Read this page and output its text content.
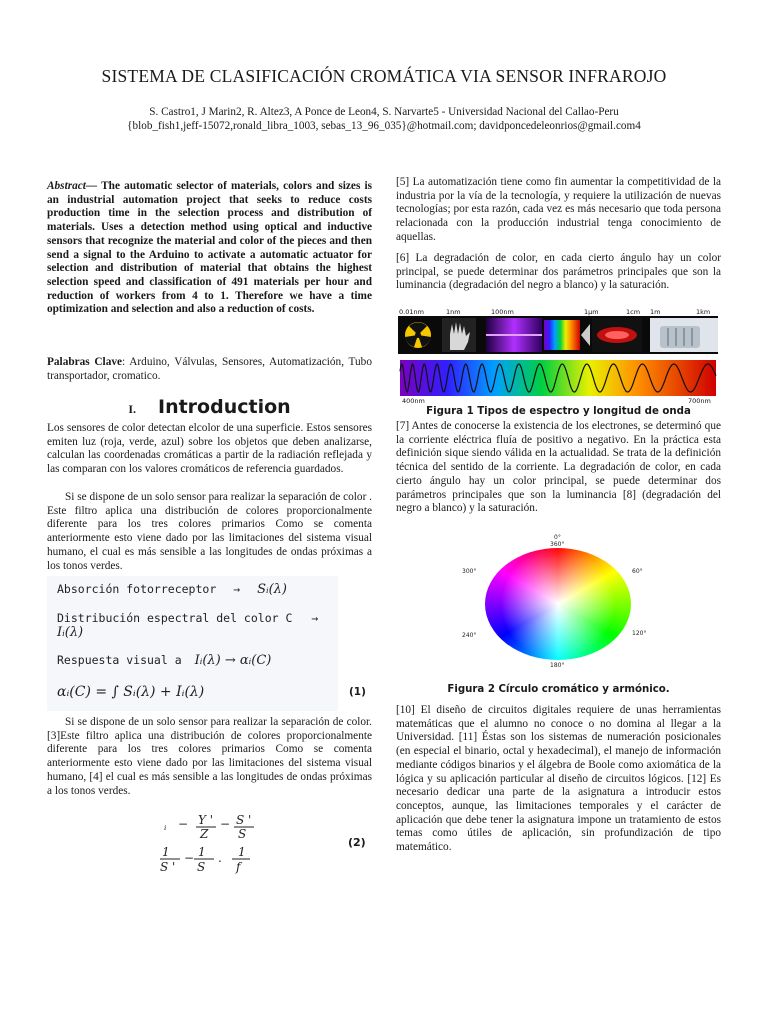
SISTEMA DE CLASIFICACIÓN CROMÁTICA VIA SENSOR INFRAROJO
S. Castro1, J Marin2, R. Altez3, A Ponce de Leon4, S. Narvarte5 - Universidad Nacional del Callao-Peru
{blob_fish1,jeff-15072,ronald_libra_1003, sebas_13_96_035}@hotmail.com; davidponcedeleonrios@gmail.com4

Abstract— The automatic selector of materials, colors and sizes is an industrial automation project that seeks to reduce costs production time in the selection process and distribution of materials. Uses a detection method using optical and inductive sensors that recognize the material and color of the pieces and then send a signal to the Arduino to activate a automatic actuator for selection and distribution of material that obtains the highest selection speed and classification of 491 materials per hour and reduction of workers from 4 to 1. Therefore we have a time optimization and selection and also a reduction of costs.

Palabras Clave: Arduino, Válvulas, Sensores, Automatización, Tubo transportador, cromatico.

I. Introduction

Los sensores de color detectan elcolor de una superficie. Estos sensores emiten luz (roja, verde, azul) sobre los objetos que deben analizarse, calculan las coordenadas cromáticas a partir de la radiación reflejada y las comparan con los valores cromáticos de referencia guardados.

Si se dispone de un solo sensor para realizar la separación de color . Este filtro aplica una distribución de colores proporcionalmente diferente para los tres colores primarios Como se comenta anteriormente esto viene dado por las limitaciones del sistema visual humano, el cual es más sensible a las longitudes de ondas próximas a los tonos verdes.

Absorción fotorreceptor → Sᵢ(λ)
Distribución espectral del color C →
Iᵢ(λ)
Respuesta visual a Iᵢ(λ) → αᵢ(C)
αᵢ(C) = ∫ Sᵢ(λ) + Iᵢ(λ)	(1)

Si se dispone de un solo sensor para realizar la separación de color. [3]Este filtro aplica una distribución de colores proporcionalmente diferente para los tres colores primarios Como se comenta anteriormente esto viene dado por las limitaciones del sistema visual humano, [4] el cual es más sensible a las longitudes de ondas próximas a los tonos verdes.

ᵢ − Y '
Z
− S '
S
1
S '
− 1
S
. 1
f
(2)

[5] La automatización tiene como fin aumentar la competitividad de la industria por la vía de la tecnología, y requiere la utilización de nuevas tecnologías; por esta razón, cada vez es más necesario que toda persona relacionada con la producción industrial tenga conocimiento de aquellas.

[6] La degradación de color, en cada cierto ángulo hay un color principal, se puede determinar dos parámetros principales que son la luminancia (degradación del negro a blanco) y la saturación.

0.01nm	1nm	100nm	1μm	1cm 1m	1km
400nm	700nm
Figura 1 Tipos de espectro y longitud de onda

[7] Antes de conocerse la existencia de los electrones, se determinó que la corriente eléctrica fluía de positivo a negativo. En la práctica esta definición sique siendo válida en la actualidad. Se trata de la definición técnica del sentido de la corriente. La degradación de color, en cada cierto ángulo hay un color principal, se puede determinar dos parámetros principales que son la luminancia [8] (degradación del negro a blanco) y la saturación.

0°
360°
60°
120°
180°
240°
300°
Figura 2 Círculo cromático y armónico.

[10] El diseño de circuitos digitales requiere de unas herramientas matemáticas que el alumno no conoce o no domina al llegar a la Universidad. [11] Éstas son los sistemas de numeración posicionales (en especial el binario, octal y hexadecimal), el manejo de información mediante códigos binarios y el álgebra de Boole como axiomática de la lógica y su aplicación particular al diseño de circuitos lógicos. [12] Es necesario dedicar una parte de la asignatura a introducir estos conceptos, aunque, las limitaciones temporales y el carácter de aplicación que debe tener la asignatura impone un tratamiento de estos temas como útiles de aplicación, sin profundización de tipo matemático.
